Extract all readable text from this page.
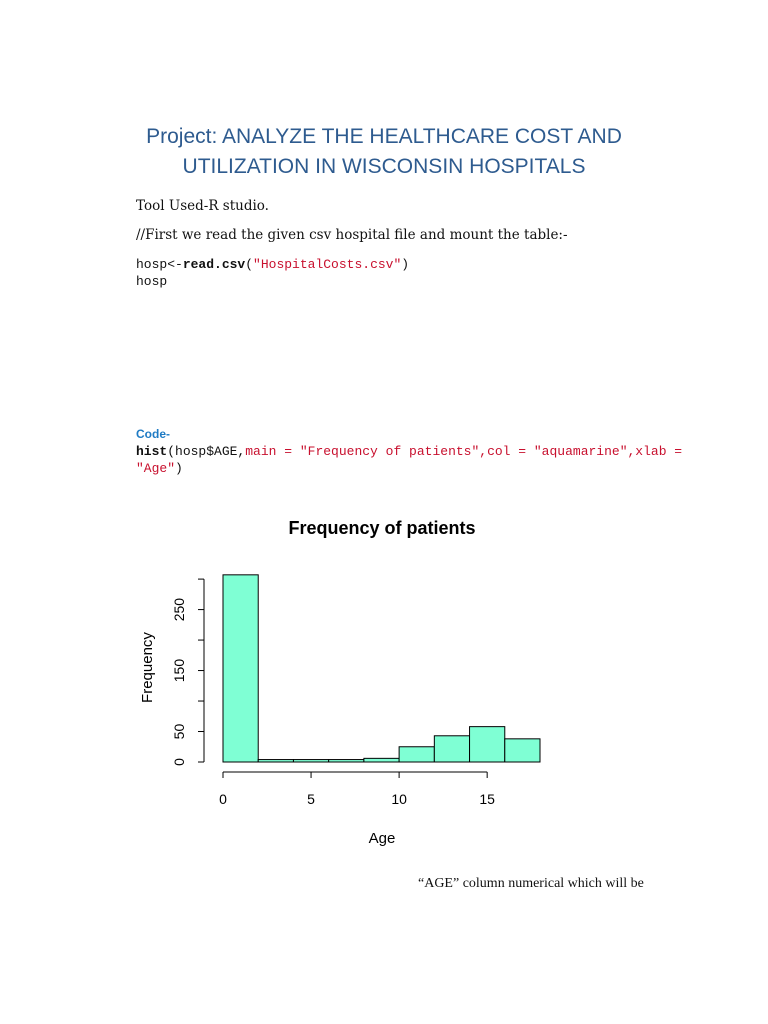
Project: ANALYZE THE HEALTHCARE COST AND
UTILIZATION IN WISCONSIN HOSPITALS
Tool Used-R studio.
//First we read the given csv hospital file and mount the table:-
hosp<-read.csv("HospitalCosts.csv")
hosp
Code-
hist(hosp$AGE,main = "Frequency of patients",col = "aquamarine",xlab =
"Age")
Frequency of patients
0	5	10	15
Age
0
50
150
250
Frequency
“AGE” column numerical which will be
